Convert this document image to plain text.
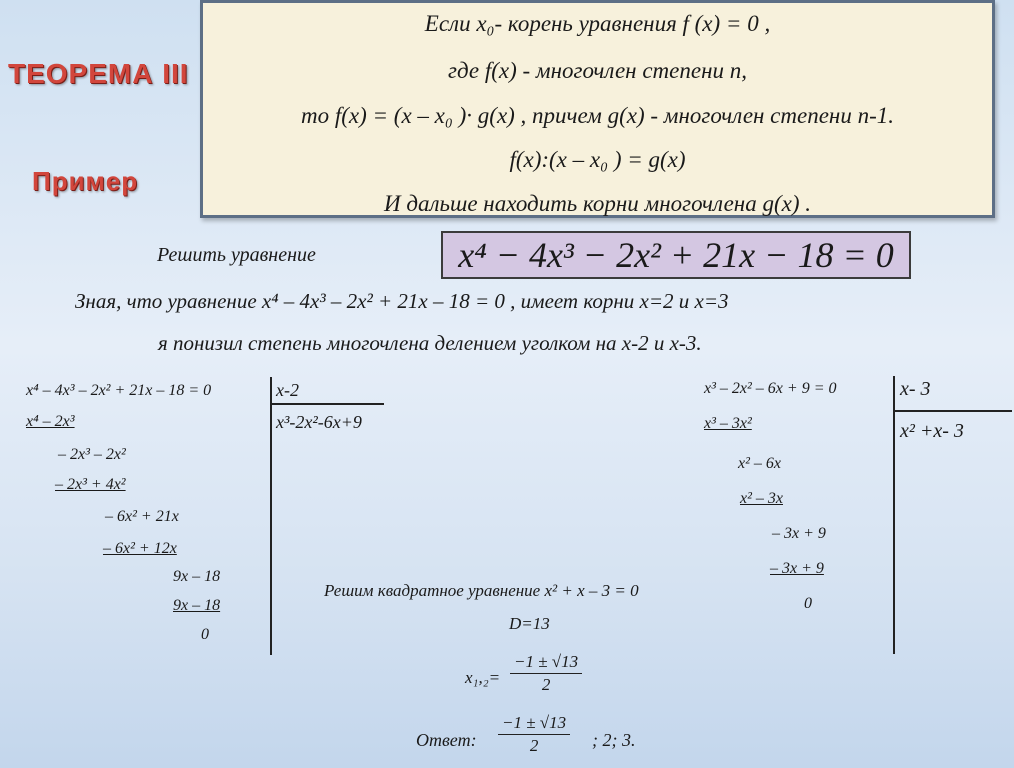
ТЕОРЕМА III
Пример
Если x₀- корень уравнения f (x) = 0 ,
где f(x) - многочлен степени n,
то f(x) = (x – x₀ )· g(x) , причем g(x) - многочлен степени n-1.
f(x):(x – x₀ ) = g(x)
И дальше находить корни многочлена g(x) .
Решить уравнение	x⁴ − 4x³ − 2x² + 21x − 18 = 0
Зная, что уравнение x⁴ – 4x³ – 2x² + 21x – 18 = 0 , имеет корни x=2 и x=3
я понизил степень многочлена делением уголком на x-2 и x-3.
x⁴ – 4x³ – 2x² + 21x – 18 = 0	x-2
x³-2x²-6x+9
x⁴ – 2x³
– 2x³ – 2x²
– 2x³ + 4x²
– 6x² + 21x
– 6x² + 12x
9x – 18
9x – 18
0
x³ – 2x² – 6x + 9 = 0	x- 3
x² +x- 3
x³ – 3x²
x² – 6x
x² – 3x
– 3x + 9
– 3x + 9
0
Решим квадратное уравнение x² + x – 3 = 0
D=13
$x_1,_2= \frac{-1 \pm √13}{2}$
Ответ: $\frac{-1 \pm √13}{2}$ ; 2; 3.
